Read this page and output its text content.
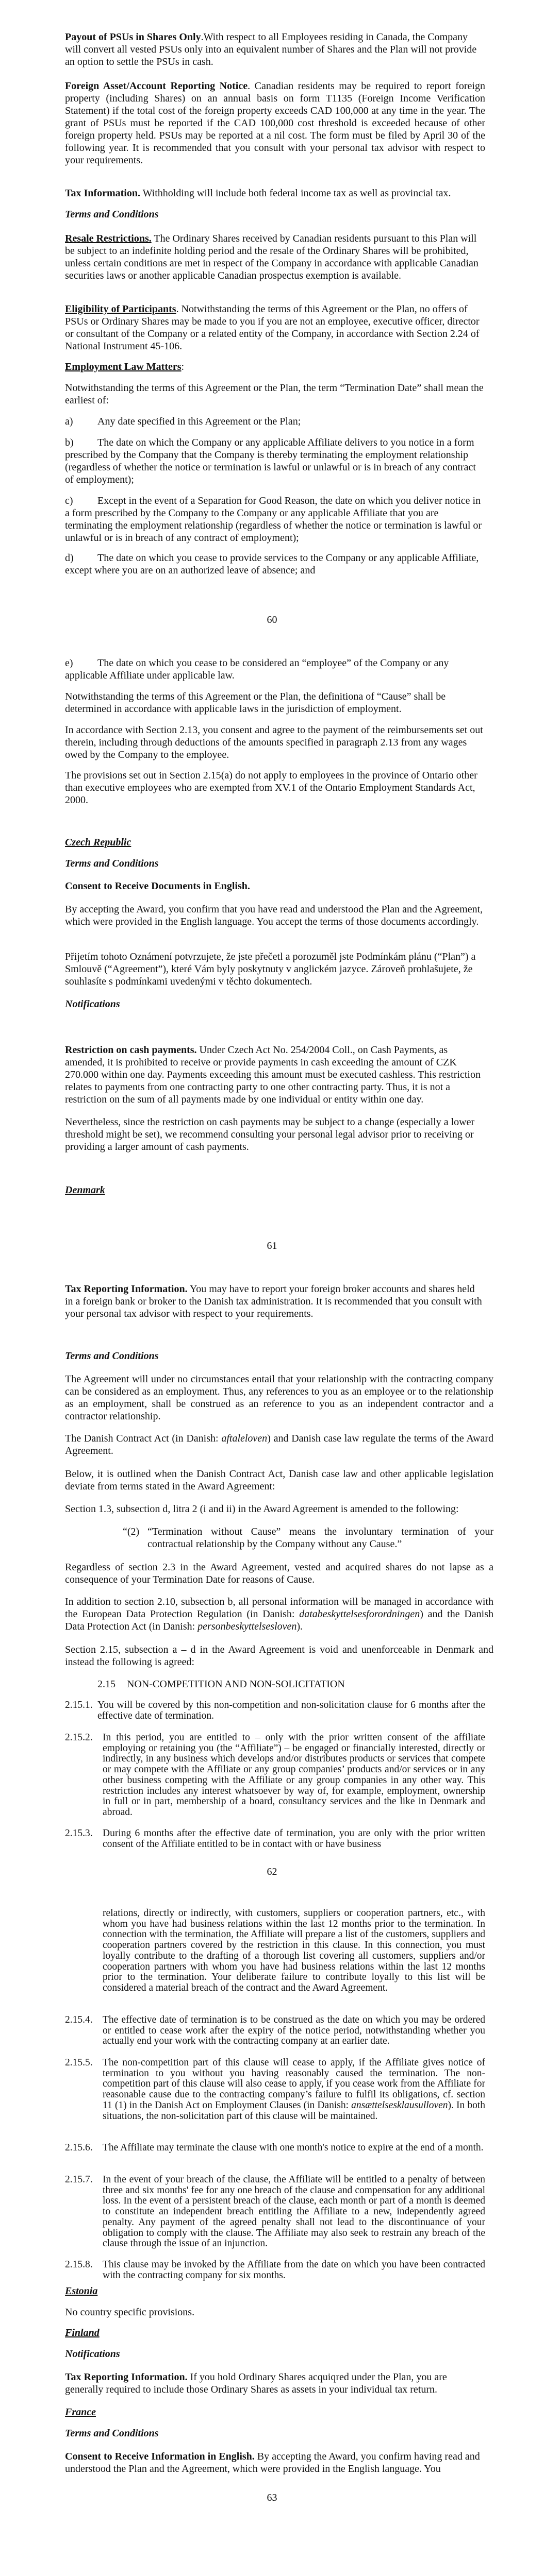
Payout of PSUs in Shares Only.With respect to all Employees residing in Canada, the Company will convert all vested PSUs only into an equivalent number of Shares and the Plan will not provide an option to settle the PSUs in cash.

Foreign Asset/Account Reporting Notice. Canadian residents may be required to report foreign property (including Shares) on an annual basis on form T1135 (Foreign Income Verification Statement) if the total cost of the foreign property exceeds CAD 100,000 at any time in the year. The grant of PSUs must be reported if the CAD 100,000 cost threshold is exceeded because of other foreign property held. PSUs may be reported at a nil cost. The form must be filed by April 30 of the following year. It is recommended that you consult with your personal tax advisor with respect to your requirements.

Tax Information. Withholding will include both federal income tax as well as provincial tax.

Terms and Conditions

Resale Restrictions. The Ordinary Shares received by Canadian residents pursuant to this Plan will be subject to an indefinite holding period and the resale of the Ordinary Shares will be prohibited, unless certain conditions are met in respect of the Company in accordance with applicable Canadian securities laws or another applicable Canadian prospectus exemption is available.

Eligibility of Participants. Notwithstanding the terms of this Agreement or the Plan, no offers of PSUs or Ordinary Shares may be made to you if you are not an employee, executive officer, director or consultant of the Company or a related entity of the Company, in accordance with Section 2.24 of National Instrument 45-106.

Employment Law Matters:

Notwithstanding the terms of this Agreement or the Plan, the term “Termination Date” shall mean the earliest of:

a) Any date specified in this Agreement or the Plan;
b)	The date on which the Company or any applicable Affiliate delivers to you notice in a form prescribed by the Company that the Company is thereby terminating the employment relationship (regardless of whether the notice or termination is lawful or unlawful or is in breach of any contract of employment);
c)	Except in the event of a Separation for Good Reason, the date on which you deliver notice in a form prescribed by the Company to the Company or any applicable Affiliate that you are terminating the employment relationship (regardless of whether the notice or termination is lawful or unlawful or is in breach of any contract of employment);
d)	The date on which you cease to provide services to the Company or any applicable Affiliate, except where you are on an authorized leave of absence; and
60
e)	The date on which you cease to be considered an “employee” of the Company or any applicable Affiliate under applicable law.

Notwithstanding the terms of this Agreement or the Plan, the definitiona of “Cause” shall be determined in accordance with applicable laws in the jurisdiction of employment.

In accordance with Section 2.13, you consent and agree to the payment of the reimbursements set out therein, including through deductions of the amounts specified in paragraph 2.13 from any wages owed by the Company to the employee.

The provisions set out in Section 2.15(a) do not apply to employees in the province of Ontario other than executive employees who are exempted from XV.1 of the Ontario Employment Standards Act, 2000.

Czech Republic

Terms and Conditions

Consent to Receive Documents in English.

By accepting the Award, you confirm that you have read and understood the Plan and the Agreement, which were provided in the English language. You accept the terms of those documents accordingly.

Přijetím tohoto Oznámení potvrzujete, že jste přečetl a porozuměl jste Podmínkám plánu (“Plan”) a Smlouvě (“Agreement”), které Vám byly poskytnuty v anglickém jazyce. Zároveň prohlašujete, že souhlasíte s podmínkami uvedenými v těchto dokumentech.

Notifications

Restriction on cash payments. Under Czech Act No. 254/2004 Coll., on Cash Payments, as amended, it is prohibited to receive or provide payments in cash exceeding the amount of CZK 270.000 within one day. Payments exceeding this amount must be executed cashless. This restriction relates to payments from one contracting party to one other contracting party. Thus, it is not a restriction on the sum of all payments made by one individual or entity within one day.

Nevertheless, since the restriction on cash payments may be subject to a change (especially a lower threshold might be set), we recommend consulting your personal legal advisor prior to receiving or providing a larger amount of cash payments.

Denmark

61

Tax Reporting Information. You may have to report your foreign broker accounts and shares held in a foreign bank or broker to the Danish tax administration. It is recommended that you consult with your personal tax advisor with respect to your requirements.

Terms and Conditions

The Agreement will under no circumstances entail that your relationship with the contracting company can be considered as an employment. Thus, any references to you as an employee or to the relationship as an employment, shall be construed as an reference to you as an independent contractor and a contractor relationship.

The Danish Contract Act (in Danish: aftaleloven) and Danish case law regulate the terms of the Award Agreement.

Below, it is outlined when the Danish Contract Act, Danish case law and other applicable legislation deviate from terms stated in the Award Agreement:

Section 1.3, subsection d, litra 2 (i and ii) in the Award Agreement is amended to the following:

“(2) “Termination without Cause” means the involuntary termination of your contractual relationship by the Company without any Cause.”

Regardless of section 2.3 in the Award Agreement, vested and acquired shares do not lapse as a consequence of your Termination Date for reasons of Cause.

In addition to section 2.10, subsection b, all personal information will be managed in accordance with the European Data Protection Regulation (in Danish: databeskyttelsesforordningen) and the Danish Data Protection Act (in Danish: personbeskyttelsesloven).

Section 2.15, subsection a – d in the Award Agreement is void and unenforceable in Denmark and instead the following is agreed:

2.15 NON-COMPETITION AND NON-SOLICITATION
2.15.1. You will be covered by this non-competition and non-solicitation clause for 6 months after the effective date of termination.
2.15.2. In this period, you are entitled to – only with the prior written consent of the affiliate employing or retaining you (the “Affiliate”) – be engaged or financially interested, directly or indirectly, in any business which develops and/or distributes products or services that compete or may compete with the Affiliate or any group companies’ products and/or services or in any other business competing with the Affiliate or any group companies in any other way. This restriction includes any interest whatsoever by way of, for example, employment, ownership in full or in part, membership of a board, consultancy services and the like in Denmark and abroad.
2.15.3. During 6 months after the effective date of termination, you are only with the prior written consent of the Affiliate entitled to be in contact with or have business
62
relations, directly or indirectly, with customers, suppliers or cooperation partners, etc., with whom you have had business relations within the last 12 months prior to the termination. In connection with the termination, the Affiliate will prepare a list of the customers, suppliers and cooperation partners covered by the restriction in this clause. In this connection, you must loyally contribute to the drafting of a thorough list covering all customers, suppliers and/or cooperation partners with whom you have had business relations within the last 12 months prior to the termination. Your deliberate failure to contribute loyally to this list will be considered a material breach of the contract and the Award Agreement.
2.15.4. The effective date of termination is to be construed as the date on which you may be ordered or entitled to cease work after the expiry of the notice period, notwithstanding whether you actually end your work with the contracting company at an earlier date.
2.15.5. The non-competition part of this clause will cease to apply, if the Affiliate gives notice of termination to you without you having reasonably caused the termination. The non-competition part of this clause will also cease to apply, if you cease work from the Affiliate for reasonable cause due to the contracting company’s failure to fulfil its obligations, cf. section 11 (1) in the Danish Act on Employment Clauses (in Danish: ansættelsesklausulloven). In both situations, the non-solicitation part of this clause will be maintained.
2.15.6. The Affiliate may terminate the clause with one month's notice to expire at the end of a month.
2.15.7. In the event of your breach of the clause, the Affiliate will be entitled to a penalty of between three and six months' fee for any one breach of the clause and compensation for any additional loss. In the event of a persistent breach of the clause, each month or part of a month is deemed to constitute an independent breach entitling the Affiliate to a new, independently agreed penalty. Any payment of the agreed penalty shall not lead to the discontinuance of your obligation to comply with the clause. The Affiliate may also seek to restrain any breach of the clause through the issue of an injunction.
2.15.8. This clause may be invoked by the Affiliate from the date on which you have been contracted with the contracting company for six months.

Estonia

No country specific provisions.

Finland

Notifications

Tax Reporting Information. If you hold Ordinary Shares acquiqred under the Plan, you are generally required to include those Ordinary Shares as assets in your individual tax return.

France

Terms and Conditions

Consent to Receive Information in English. By accepting the Award, you confirm having read and understood the Plan and the Agreement, which were provided in the English language. You

63
